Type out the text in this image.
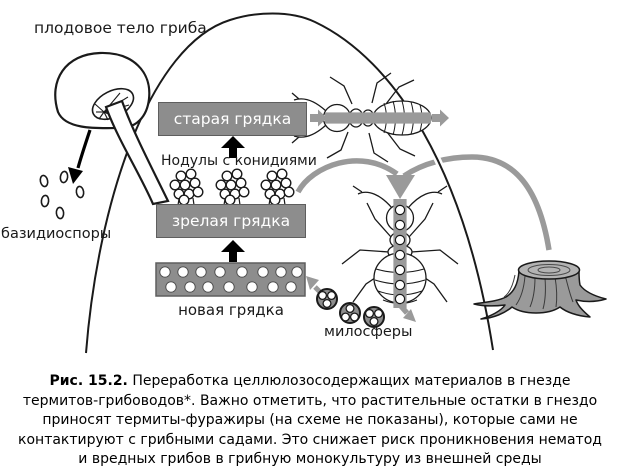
старая грядка
зрелая грядка
плодовое тело гриба
базидиоспоры
Нодулы с конидиями
новая грядка
милосферы
Рис. 15.2. Переработка целлюлозосодержащих материалов в гнезде термитов-грибоводов*. Важно отметить, что растительные остатки в гнездо приносят термиты-фуражиры (на схеме не показаны), которые сами не контактируют с грибными садами. Это снижает риск проникновения нематод и вредных грибов в грибную монокультуру из внешней среды
